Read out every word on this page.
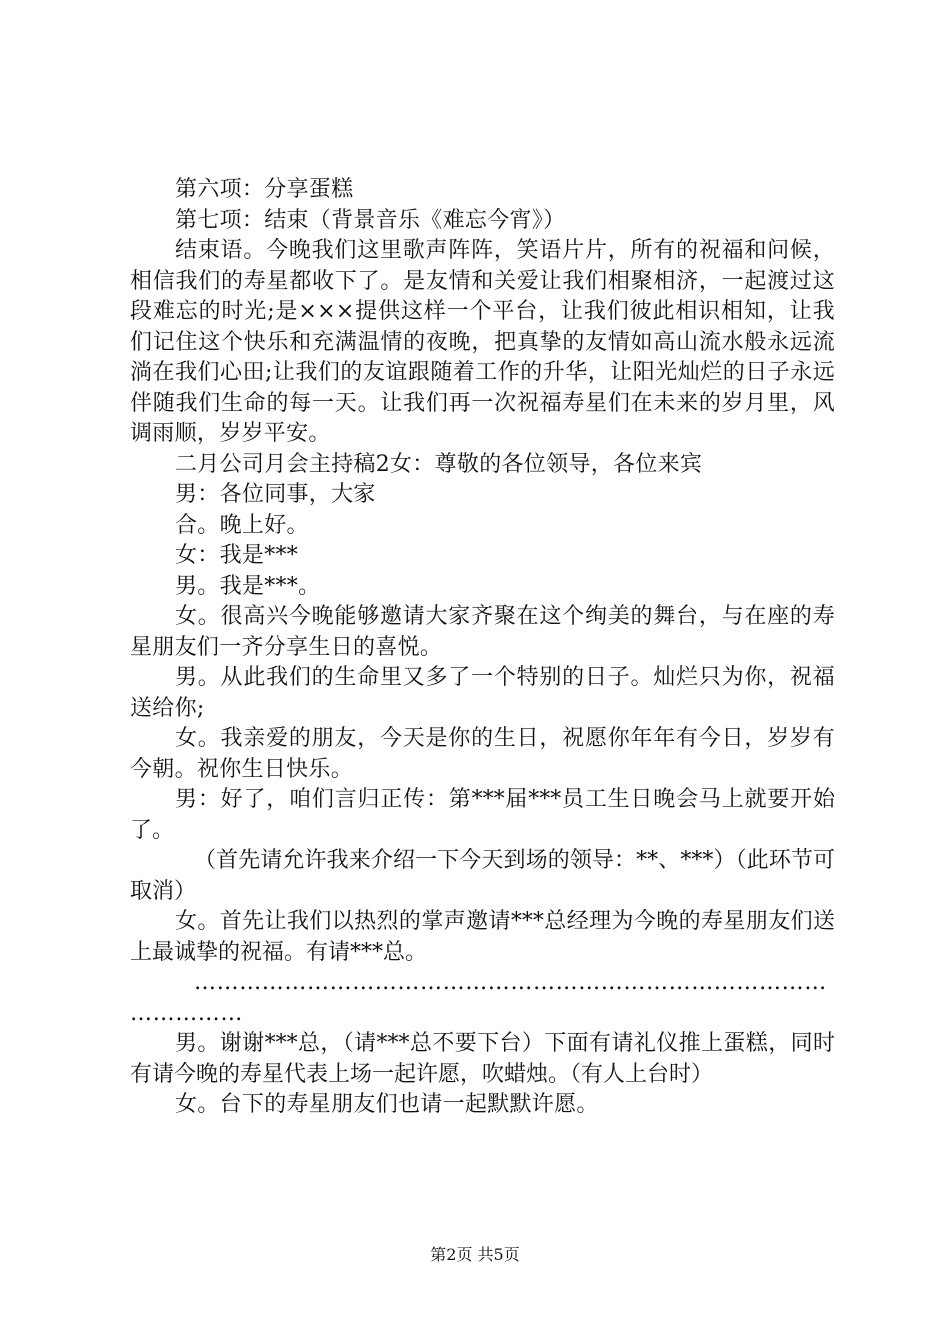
第六项：分享蛋糕

第七项：结束（背景音乐《难忘今宵》）

结束语。今晚我们这里歌声阵阵，笑语片片，所有的祝福和问候，相信我们的寿星都收下了。是友情和关爱让我们相聚相济，一起渡过这段难忘的时光;是×××提供这样一个平台，让我们彼此相识相知，让我们记住这个快乐和充满温情的夜晚，把真挚的友情如高山流水般永远流淌在我们心田;让我们的友谊跟随着工作的升华，让阳光灿烂的日子永远伴随我们生命的每一天。让我们再一次祝福寿星们在未来的岁月里，风调雨顺，岁岁平安。

二月公司月会主持稿2女：尊敬的各位领导，各位来宾

男：各位同事，大家

合。晚上好。

女：我是***

男。我是***。

女。很高兴今晚能够邀请大家齐聚在这个绚美的舞台，与在座的寿星朋友们一齐分享生日的喜悦。

男。从此我们的生命里又多了一个特别的日子。灿烂只为你，祝福送给你;

女。我亲爱的朋友，今天是你的生日，祝愿你年年有今日，岁岁有今朝。祝你生日快乐。

男：好了，咱们言归正传：第***届***员工生日晚会马上就要开始了。

（首先请允许我来介绍一下今天到场的领导：**、***）（此环节可取消）

女。首先让我们以热烈的掌声邀请***总经理为今晚的寿星朋友们送上最诚挚的祝福。有请***总。

………………………………………………………………………………………

男。谢谢***总，（请***总不要下台）下面有请礼仪推上蛋糕，同时有请今晚的寿星代表上场一起许愿，吹蜡烛。（有人上台时）

女。台下的寿星朋友们也请一起默默许愿。

第2页 共5页
